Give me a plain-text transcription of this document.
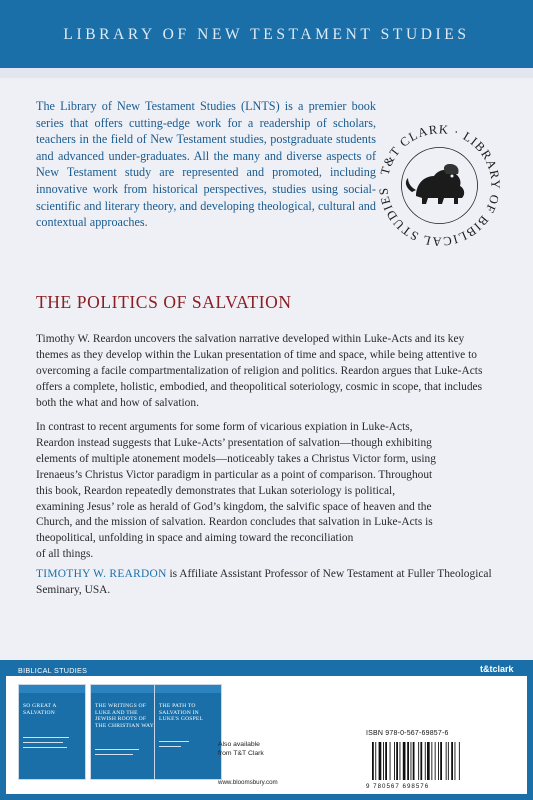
LIBRARY OF NEW TESTAMENT STUDIES
The Library of New Testament Studies (LNTS) is a premier book series that offers cutting-edge work for a readership of scholars, teachers in the field of New Testament studies, postgraduate students and advanced under-graduates. All the many and diverse aspects of New Testament study are represented and promoted, including innovative work from historical perspectives, studies using social-scientific and literary theory, and developing theological, cultural and contextual approaches.
T&T CLARK · LIBRARY OF BIBLICAL STUDIES
THE POLITICS OF SALVATION
Timothy W. Reardon uncovers the salvation narrative developed within Luke-Acts and its key themes as they develop within the Lukan presentation of time and space, while being attentive to overcoming a facile compartmentalization of religion and politics. Reardon argues that Luke-Acts offers a complete, holistic, embodied, and theopolitical soteriology, cosmic in scope, that includes both the what and how of salvation.
In contrast to recent arguments for some form of vicarious expiation in Luke-Acts,
Reardon instead suggests that Luke-Acts’ presentation of salvation—though exhibiting
elements of multiple atonement models—noticeably takes a Christus Victor form, using
Irenaeus’s Christus Victor paradigm in particular as a point of comparison. Throughout
this book, Reardon repeatedly demonstrates that Lukan soteriology is political,
examining Jesus’ role as herald of God’s kingdom, the salvific space of heaven and the
Church, and the mission of salvation. Reardon concludes that salvation in Luke-Acts is
theopolitical, unfolding in space and aiming toward the reconciliation
of all things.
TIMOTHY W. REARDON is Affiliate Assistant Professor of New Testament at Fuller Theological Seminary, USA.
BIBLICAL STUDIES	t&tclark
SO GREAT A SALVATION
THE WRITINGS OF LUKE AND THE JEWISH ROOTS OF THE CHRISTIAN WAY
THE PATH TO SALVATION IN LUKE'S GOSPEL
Also available
from T&T Clark
www.bloomsbury.com
ISBN 978-0-567-69857-6
9 780567 698576
